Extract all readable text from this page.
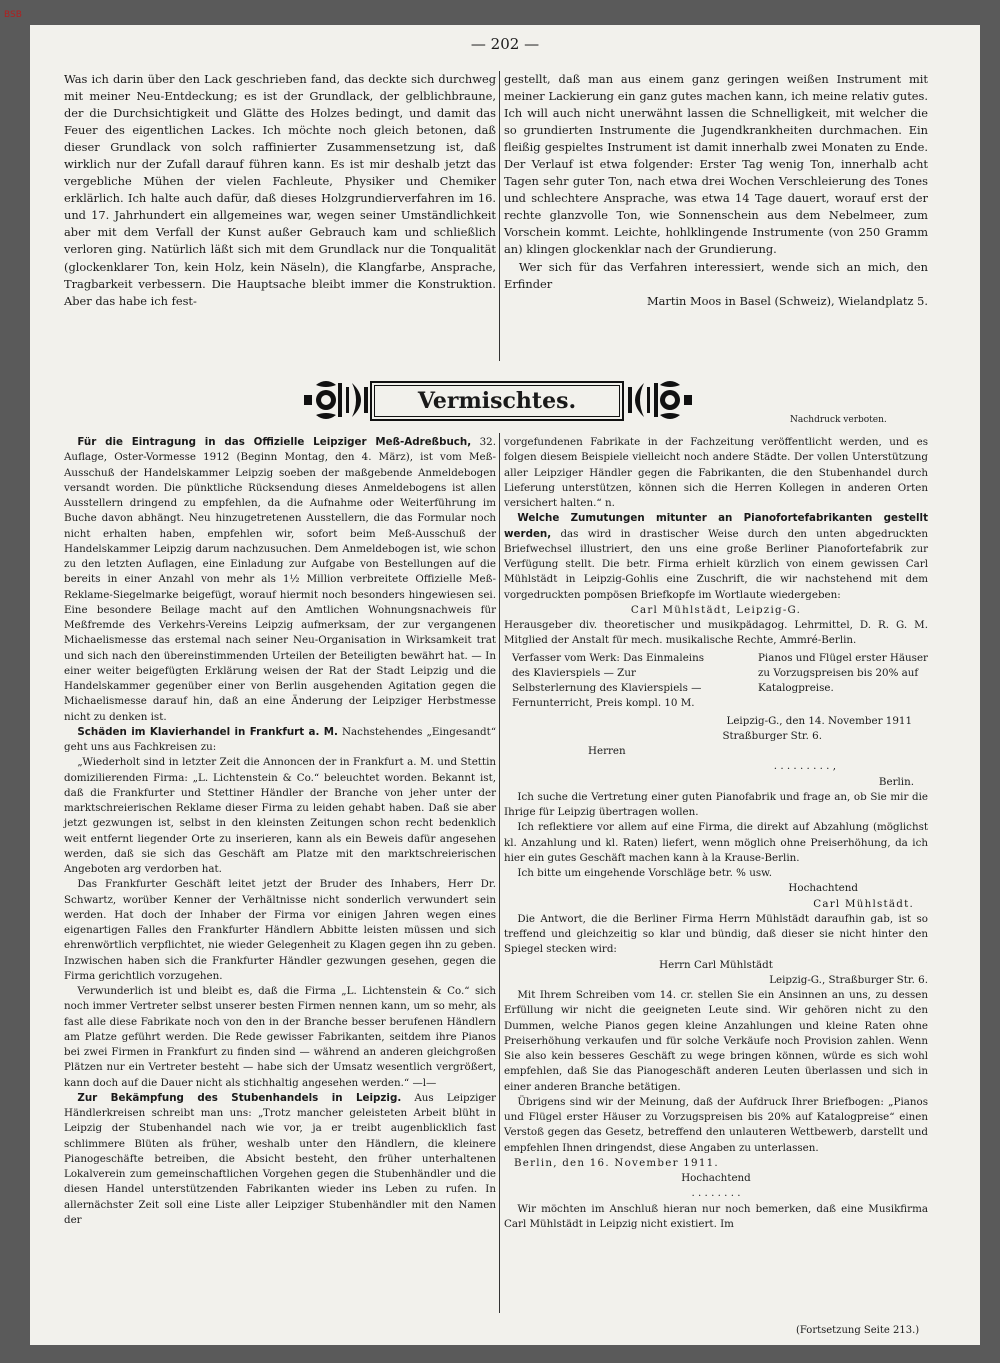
BSB
— 202 —

Was ich darin über den Lack geschrieben fand, das deckte sich durchweg mit meiner Neu-Entdeckung; es ist der Grundlack, der gelblichbraune, der die Durchsichtigkeit und Glätte des Holzes bedingt, und damit das Feuer des eigentlichen Lackes. Ich möchte noch gleich betonen, daß dieser Grundlack von solch raffinierter Zusammensetzung ist, daß wirklich nur der Zufall darauf führen kann. Es ist mir deshalb jetzt das vergebliche Mühen der vielen Fachleute, Physiker und Chemiker erklärlich. Ich halte auch dafür, daß dieses Holzgrundierverfahren im 16. und 17. Jahrhundert ein allgemeines war, wegen seiner Umständlichkeit aber mit dem Verfall der Kunst außer Gebrauch kam und schließlich verloren ging. Natürlich läßt sich mit dem Grundlack nur die Tonqualität (glockenklarer Ton, kein Holz, kein Näseln), die Klangfarbe, Ansprache, Tragbarkeit verbessern. Die Hauptsache bleibt immer die Konstruktion. Aber das habe ich fest-

gestellt, daß man aus einem ganz geringen weißen Instrument mit meiner Lackierung ein ganz gutes machen kann, ich meine relativ gutes. Ich will auch nicht unerwähnt lassen die Schnelligkeit, mit welcher die so grundierten Instrumente die Jugendkrankheiten durchmachen. Ein fleißig gespieltes Instrument ist damit innerhalb zwei Monaten zu Ende. Der Verlauf ist etwa folgender: Erster Tag wenig Ton, innerhalb acht Tagen sehr guter Ton, nach etwa drei Wochen Verschleierung des Tones und schlechtere Ansprache, was etwa 14 Tage dauert, worauf erst der rechte glanzvolle Ton, wie Sonnenschein aus dem Nebelmeer, zum Vorschein kommt. Leichte, hohlklingende Instrumente (von 250 Gramm an) klingen glockenklar nach der Grundierung.

Wer sich für das Verfahren interessiert, wende sich an mich, den Erfinder

Martin Moos in Basel (Schweiz), Wielandplatz 5.

Vermischtes.
Nachdruck verboten.

Für die Eintragung in das Offizielle Leipziger Meß-Adreßbuch, 32. Auflage, Oster-Vormesse 1912 (Beginn Montag, den 4. März), ist vom Meß-Ausschuß der Handelskammer Leipzig soeben der maßgebende Anmeldebogen versandt worden. Die pünktliche Rücksendung dieses Anmeldebogens ist allen Ausstellern dringend zu empfehlen, da die Aufnahme oder Weiterführung im Buche davon abhängt. Neu hinzugetretenen Ausstellern, die das Formular noch nicht erhalten haben, empfehlen wir, sofort beim Meß-Ausschuß der Handelskammer Leipzig darum nachzusuchen. Dem Anmeldebogen ist, wie schon zu den letzten Auflagen, eine Einladung zur Aufgabe von Bestellungen auf die bereits in einer Anzahl von mehr als 1½ Million verbreitete Offizielle Meß-Reklame-Siegelmarke beigefügt, worauf hiermit noch besonders hingewiesen sei. Eine besondere Beilage macht auf den Amtlichen Wohnungsnachweis für Meßfremde des Verkehrs-Vereins Leipzig aufmerksam, der zur vergangenen Michaelismesse das erstemal nach seiner Neu-Organisation in Wirksamkeit trat und sich nach den übereinstimmenden Urteilen der Beteiligten bewährt hat. — In einer weiter beigefügten Erklärung weisen der Rat der Stadt Leipzig und die Handelskammer gegenüber einer von Berlin ausgehenden Agitation gegen die Michaelismesse darauf hin, daß an eine Änderung der Leipziger Herbstmesse nicht zu denken ist.

Schäden im Klavierhandel in Frankfurt a. M. Nachstehendes „Eingesandt“ geht uns aus Fachkreisen zu:

„Wiederholt sind in letzter Zeit die Annoncen der in Frankfurt a. M. und Stettin domizilierenden Firma: „L. Lichtenstein & Co.“ beleuchtet worden. Bekannt ist, daß die Frankfurter und Stettiner Händler der Branche von jeher unter der marktschreierischen Reklame dieser Firma zu leiden gehabt haben. Daß sie aber jetzt gezwungen ist, selbst in den kleinsten Zeitungen schon recht bedenklich weit entfernt liegender Orte zu inserieren, kann als ein Beweis dafür angesehen werden, daß sie sich das Geschäft am Platze mit den marktschreierischen Angeboten arg verdorben hat.

Das Frankfurter Geschäft leitet jetzt der Bruder des Inhabers, Herr Dr. Schwartz, worüber Kenner der Verhältnisse nicht sonderlich verwundert sein werden. Hat doch der Inhaber der Firma vor einigen Jahren wegen eines eigenartigen Falles den Frankfurter Händlern Abbitte leisten müssen und sich ehrenwörtlich verpflichtet, nie wieder Gelegenheit zu Klagen gegen ihn zu geben. Inzwischen haben sich die Frankfurter Händler gezwungen gesehen, gegen die Firma gerichtlich vorzugehen.

Verwunderlich ist und bleibt es, daß die Firma „L. Lichtenstein & Co.“ sich noch immer Vertreter selbst unserer besten Firmen nennen kann, um so mehr, als fast alle diese Fabrikate noch von den in der Branche besser berufenen Händlern am Platze geführt werden. Die Rede gewisser Fabrikanten, seitdem ihre Pianos bei zwei Firmen in Frankfurt zu finden sind — während an anderen gleichgroßen Plätzen nur ein Vertreter besteht — habe sich der Umsatz wesentlich vergrößert, kann doch auf die Dauer nicht als stichhaltig angesehen werden.“ —l—

Zur Bekämpfung des Stubenhandels in Leipzig. Aus Leipziger Händlerkreisen schreibt man uns: „Trotz mancher geleisteten Arbeit blüht in Leipzig der Stubenhandel nach wie vor, ja er treibt augenblicklich fast schlimmere Blüten als früher, weshalb unter den Händlern, die kleinere Pianogeschäfte betreiben, die Absicht besteht, den früher unterhaltenen Lokalverein zum gemeinschaftlichen Vorgehen gegen die Stubenhändler und die diesen Handel unterstützenden Fabrikanten wieder ins Leben zu rufen. In allernächster Zeit soll eine Liste aller Leipziger Stubenhändler mit den Namen der

vorgefundenen Fabrikate in der Fachzeitung veröffentlicht werden, und es folgen diesem Beispiele vielleicht noch andere Städte. Der vollen Unterstützung aller Leipziger Händler gegen die Fabrikanten, die den Stubenhandel durch Lieferung unterstützen, können sich die Herren Kollegen in anderen Orten versichert halten.“ n.

Welche Zumutungen mitunter an Pianofortefabrikanten gestellt werden, das wird in drastischer Weise durch den unten abgedruckten Briefwechsel illustriert, den uns eine große Berliner Pianofortefabrik zur Verfügung stellt. Die betr. Firma erhielt kürzlich von einem gewissen Carl Mühlstädt in Leipzig-Gohlis eine Zuschrift, die wir nachstehend mit dem vorgedruckten pompösen Briefkopfe im Wortlaute wiedergeben:

Carl Mühlstädt, Leipzig-G.

Herausgeber div. theoretischer und musikpädagog. Lehrmittel, D. R. G. M. Mitglied der Anstalt für mech. musikalische Rechte, Ammré-Berlin.

Verfasser vom Werk: Das Einmaleins des Klavierspiels — Zur Selbsterlernung des Klavierspiels — Fernunterricht, Preis kompl. 10 M.
Pianos und Flügel erster Häuser zu Vorzugspreisen bis 20% auf Katalogpreise.

Leipzig-G., den 14. November 1911

Straßburger Str. 6.

Herren

. . . . . . . . . ,

Berlin.

Ich suche die Vertretung einer guten Pianofabrik und frage an, ob Sie mir die Ihrige für Leipzig übertragen wollen.

Ich reflektiere vor allem auf eine Firma, die direkt auf Abzahlung (möglichst kl. Anzahlung und kl. Raten) liefert, wenn möglich ohne Preiserhöhung, da ich hier ein gutes Geschäft machen kann à la Krause-Berlin.

Ich bitte um eingehende Vorschläge betr. % usw.

Hochachtend

Carl Mühlstädt.

Die Antwort, die die Berliner Firma Herrn Mühlstädt daraufhin gab, ist so treffend und gleichzeitig so klar und bündig, daß dieser sie nicht hinter den Spiegel stecken wird:

Herrn Carl Mühlstädt

Leipzig-G., Straßburger Str. 6.

Mit Ihrem Schreiben vom 14. cr. stellen Sie ein Ansinnen an uns, zu dessen Erfüllung wir nicht die geeigneten Leute sind. Wir gehören nicht zu den Dummen, welche Pianos gegen kleine Anzahlungen und kleine Raten ohne Preiserhöhung verkaufen und für solche Verkäufe noch Provision zahlen. Wenn Sie also kein besseres Geschäft zu wege bringen können, würde es sich wohl empfehlen, daß Sie das Pianogeschäft anderen Leuten überlassen und sich in einer anderen Branche betätigen.

Übrigens sind wir der Meinung, daß der Aufdruck Ihrer Briefbogen: „Pianos und Flügel erster Häuser zu Vorzugspreisen bis 20% auf Katalogpreise“ einen Verstoß gegen das Gesetz, betreffend den unlauteren Wettbewerb, darstellt und empfehlen Ihnen dringendst, diese Angaben zu unterlassen.

Berlin, den 16. November 1911.

Hochachtend

. . . . . . . .

Wir möchten im Anschluß hieran nur noch bemerken, daß eine Musikfirma Carl Mühlstädt in Leipzig nicht existiert. Im

(Fortsetzung Seite 213.)
